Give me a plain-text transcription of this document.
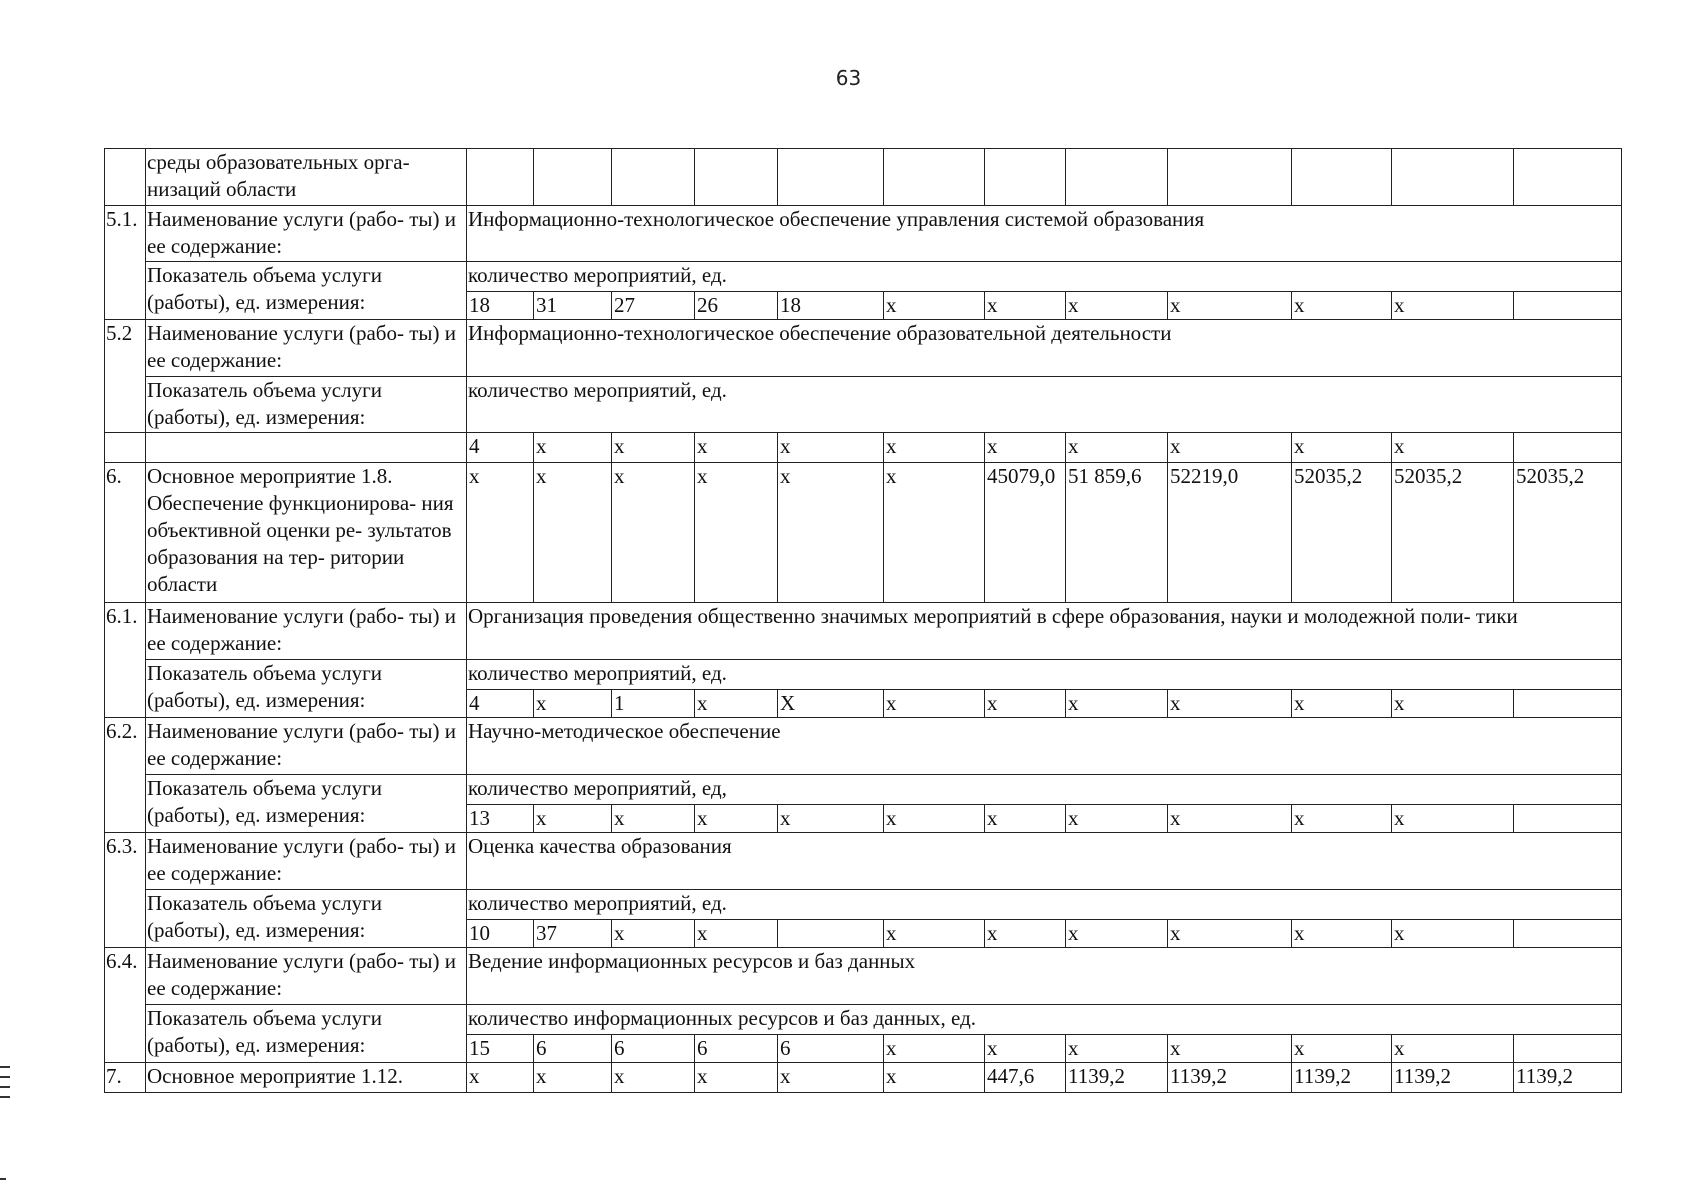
63
	среды образовательных орга- низаций области												
5.1.	Наименование услуги (рабо- ты) и ее содержание:	Информационно-технологическое обеспечение управления системой образования											
	Показатель объема услуги (работы), ед. измерения:	количество мероприятий, ед.											
		18	31	27	26	18	x	x	x	x	x	x	
5.2	Наименование услуги (рабо- ты) и ее содержание:	Информационно-технологическое обеспечение образовательной деятельности											
	Показатель объема услуги (работы), ед. измерения:	количество мероприятий, ед.											
		4	x	x	x	x	x	x	x	x	x	x	
6.	Основное мероприятие 1.8. Обеспечение функционирова- ния объективной оценки ре- зультатов образования на тер- ритории области	x	x	x	x	x	x	45079,0	51 859,6	52219,0	52035,2	52035,2	52035,2
6.1.	Наименование услуги (рабо- ты) и ее содержание:	Организация проведения общественно значимых мероприятий в сфере образования, науки и молодежной поли- тики											
	Показатель объема услуги (работы), ед. измерения:	количество мероприятий, ед.											
		4	x	1	x	X	x	x	x	x	x	x	
6.2.	Наименование услуги (рабо- ты) и ее содержание:	Научно-методическое обеспечение											
	Показатель объема услуги (работы), ед. измерения:	количество мероприятий, ед,											
		13	x	x	x	x	x	x	x	x	x	x	
6.3.	Наименование услуги (рабо- ты) и ее содержание:	Оценка качества образования											
	Показатель объема услуги (работы), ед. измерения:	количество мероприятий, ед.											
		10	37	x	x		x	x	x	x	x	x	
6.4.	Наименование услуги (рабо- ты) и ее содержание:	Ведение информационных ресурсов и баз данных											
	Показатель объема услуги (работы), ед. измерения:	количество информационных ресурсов и баз данных, ед.											
		15	6	6	6	6	x	x	x	x	x	x	
7.	Основное мероприятие 1.12.	x	x	x	x	x	x	447,6	1139,2	1139,2	1139,2	1139,2	1139,2
